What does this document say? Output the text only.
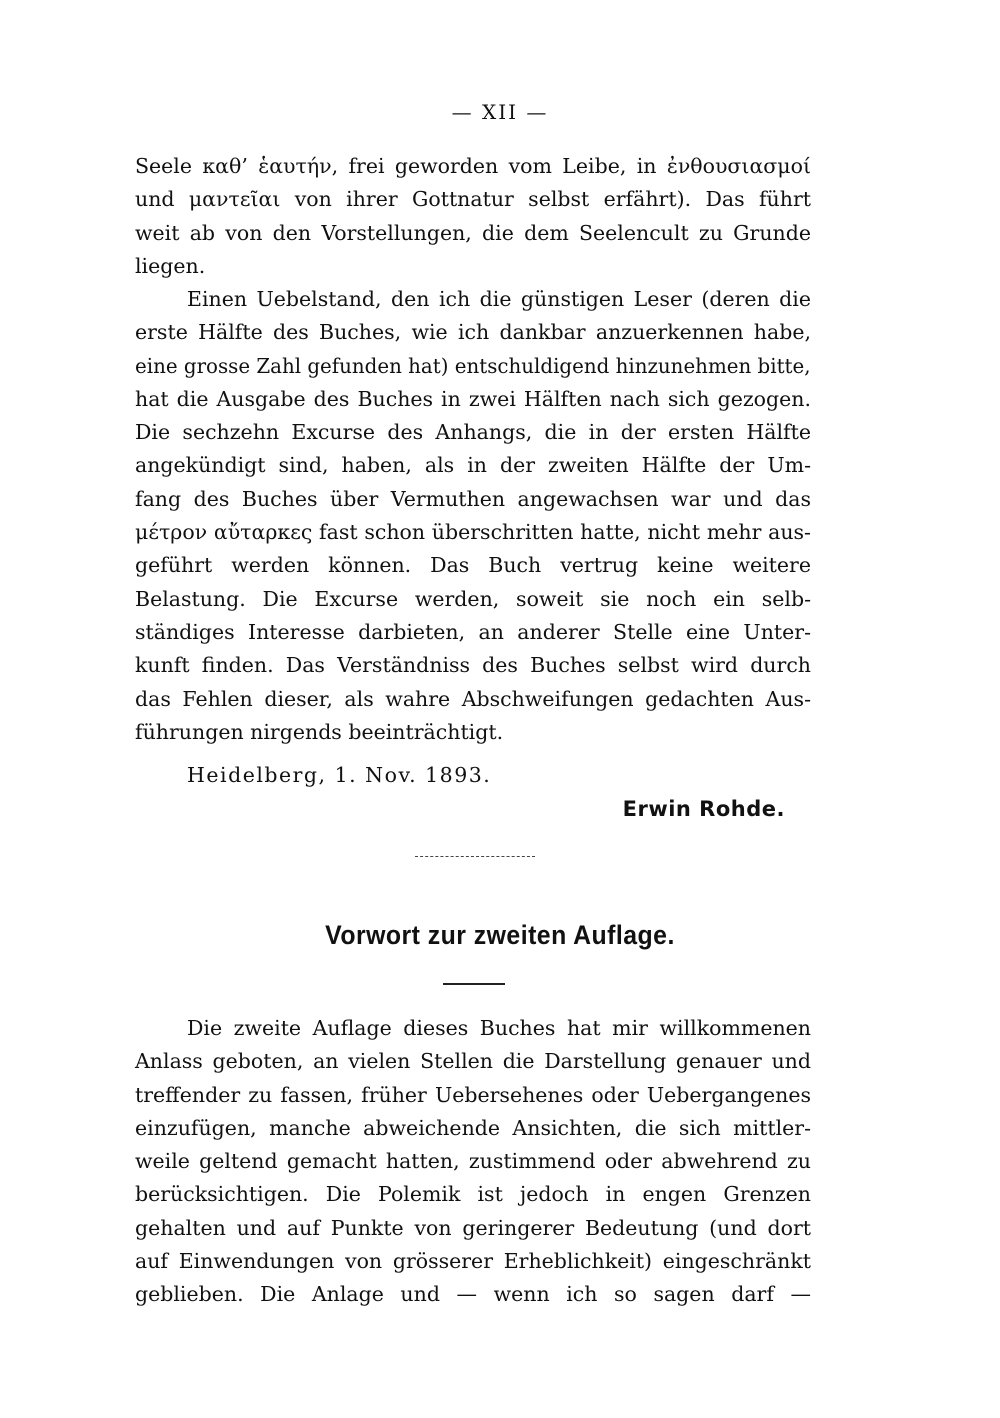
— XII —
Seele καθ’ ἑαυτήν, frei geworden vom Leibe, in ἐνθουσιασμοί
und μαντεῖαι von ihrer Gottnatur selbst erfährt). Das führt
weit ab von den Vorstellungen, die dem Seelencult zu Grunde
liegen.
Einen Uebelstand, den ich die günstigen Leser (deren die
erste Hälfte des Buches, wie ich dankbar anzuerkennen habe,
eine grosse Zahl gefunden hat) entschuldigend hinzunehmen bitte,
hat die Ausgabe des Buches in zwei Hälften nach sich gezogen.
Die sechzehn Excurse des Anhangs, die in der ersten Hälfte
angekündigt sind, haben, als in der zweiten Hälfte der Um-
fang des Buches über Vermuthen angewachsen war und das
μέτρον αὔταρκες fast schon überschritten hatte, nicht mehr aus-
geführt werden können. Das Buch vertrug keine weitere
Belastung. Die Excurse werden, soweit sie noch ein selb-
ständiges Interesse darbieten, an anderer Stelle eine Unter-
kunft finden. Das Verständniss des Buches selbst wird durch
das Fehlen dieser, als wahre Abschweifungen gedachten Aus-
führungen nirgends beeinträchtigt.
Heidelberg, 1. Nov. 1893.
Erwin Rohde.
Vorwort zur zweiten Auflage.
Die zweite Auflage dieses Buches hat mir willkommenen
Anlass geboten, an vielen Stellen die Darstellung genauer und
treffender zu fassen, früher Uebersehenes oder Uebergangenes
einzufügen, manche abweichende Ansichten, die sich mittler-
weile geltend gemacht hatten, zustimmend oder abwehrend zu
berücksichtigen. Die Polemik ist jedoch in engen Grenzen
gehalten und auf Punkte von geringerer Bedeutung (und dort
auf Einwendungen von grösserer Erheblichkeit) eingeschränkt
geblieben. Die Anlage und — wenn ich so sagen darf —
